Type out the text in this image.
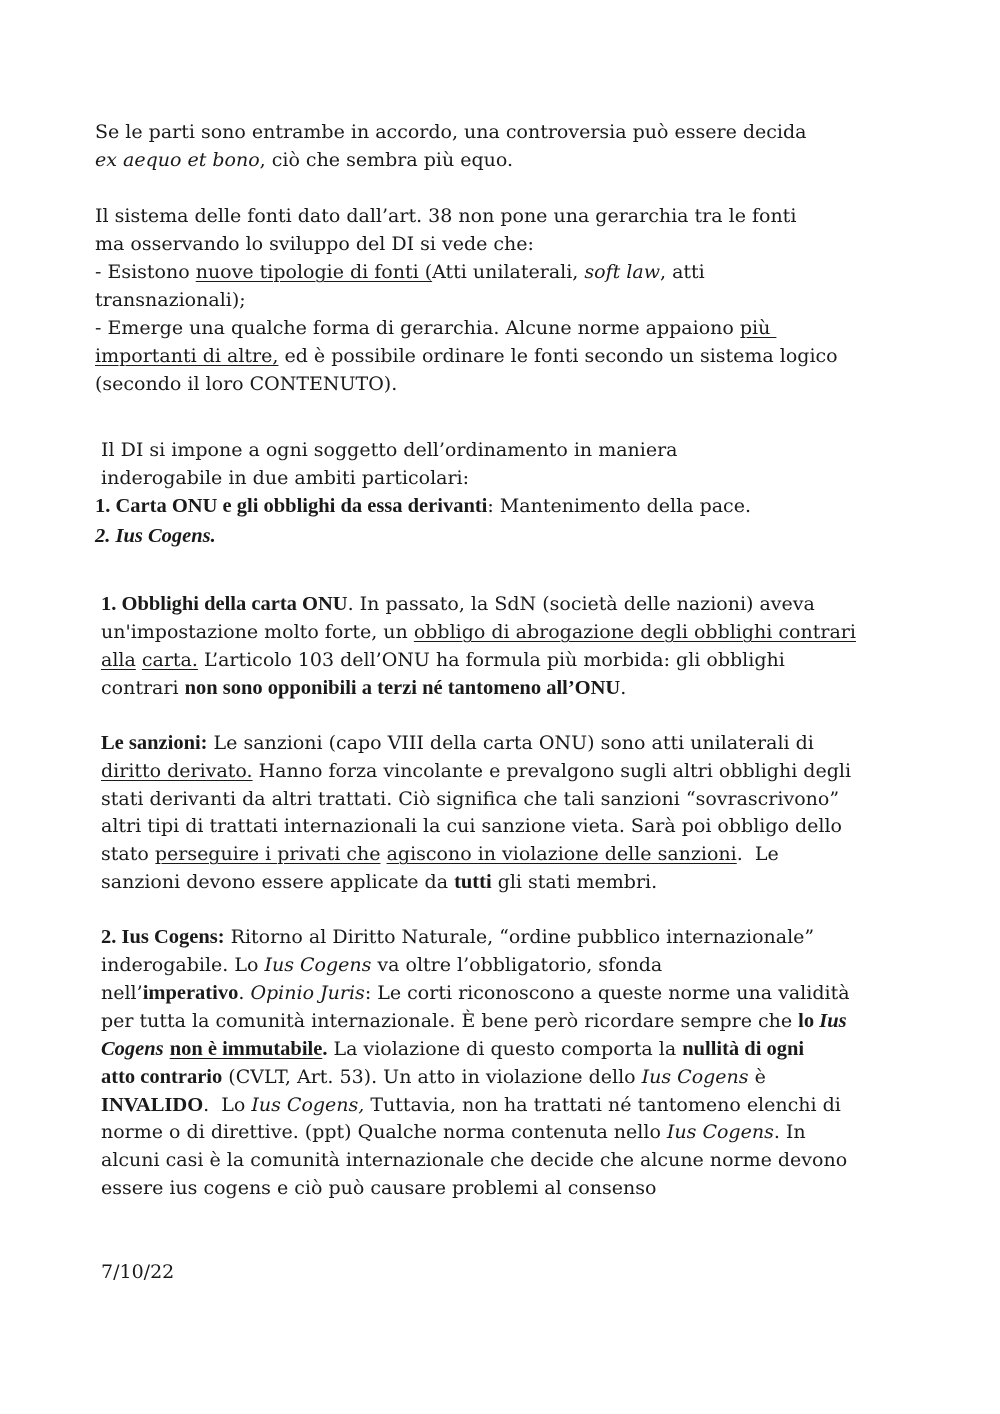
Se le parti sono entrambe in accordo, una controversia può essere decida
ex aequo et bono, ciò che sembra più equo.
Il sistema delle fonti dato dall’art. 38 non pone una gerarchia tra le fonti
ma osservando lo sviluppo del DI si vede che:
- Esistono nuove tipologie di fonti (Atti unilaterali, soft law, atti
transnazionali);
- Emerge una qualche forma di gerarchia. Alcune norme appaiono più
importanti di altre, ed è possibile ordinare le fonti secondo un sistema logico
(secondo il loro CONTENUTO).
Il DI si impone a ogni soggetto dell’ordinamento in maniera
inderogabile in due ambiti particolari:
1. Carta ONU e gli obblighi da essa derivanti: Mantenimento della pace.
2. Ius Cogens.
1. Obblighi della carta ONU. In passato, la SdN (società delle nazioni) aveva
un'impostazione molto forte, un obbligo di abrogazione degli obblighi contrari
alla carta. L’articolo 103 dell’ONU ha formula più morbida: gli obblighi
contrari non sono opponibili a terzi né tantomeno all’ONU.
Le sanzioni: Le sanzioni (capo VIII della carta ONU) sono atti unilaterali di
diritto derivato. Hanno forza vincolante e prevalgono sugli altri obblighi degli
stati derivanti da altri trattati. Ciò significa che tali sanzioni “sovrascrivono”
altri tipi di trattati internazionali la cui sanzione vieta. Sarà poi obbligo dello
stato perseguire i privati che agiscono in violazione delle sanzioni.  Le
sanzioni devono essere applicate da tutti gli stati membri.
2. Ius Cogens: Ritorno al Diritto Naturale, “ordine pubblico internazionale”
inderogabile. Lo Ius Cogens va oltre l’obbligatorio, sfonda
nell’imperativo. Opinio Juris: Le corti riconoscono a queste norme una validità
per tutta la comunità internazionale. È bene però ricordare sempre che lo Ius
Cogens non è immutabile. La violazione di questo comporta la nullità di ogni
atto contrario (CVLT, Art. 53). Un atto in violazione dello Ius Cogens è
INVALIDO.  Lo Ius Cogens, Tuttavia, non ha trattati né tantomeno elenchi di
norme o di direttive. (ppt) Qualche norma contenuta nello Ius Cogens. In
alcuni casi è la comunità internazionale che decide che alcune norme devono
essere ius cogens e ciò può causare problemi al consenso
7/10/22
